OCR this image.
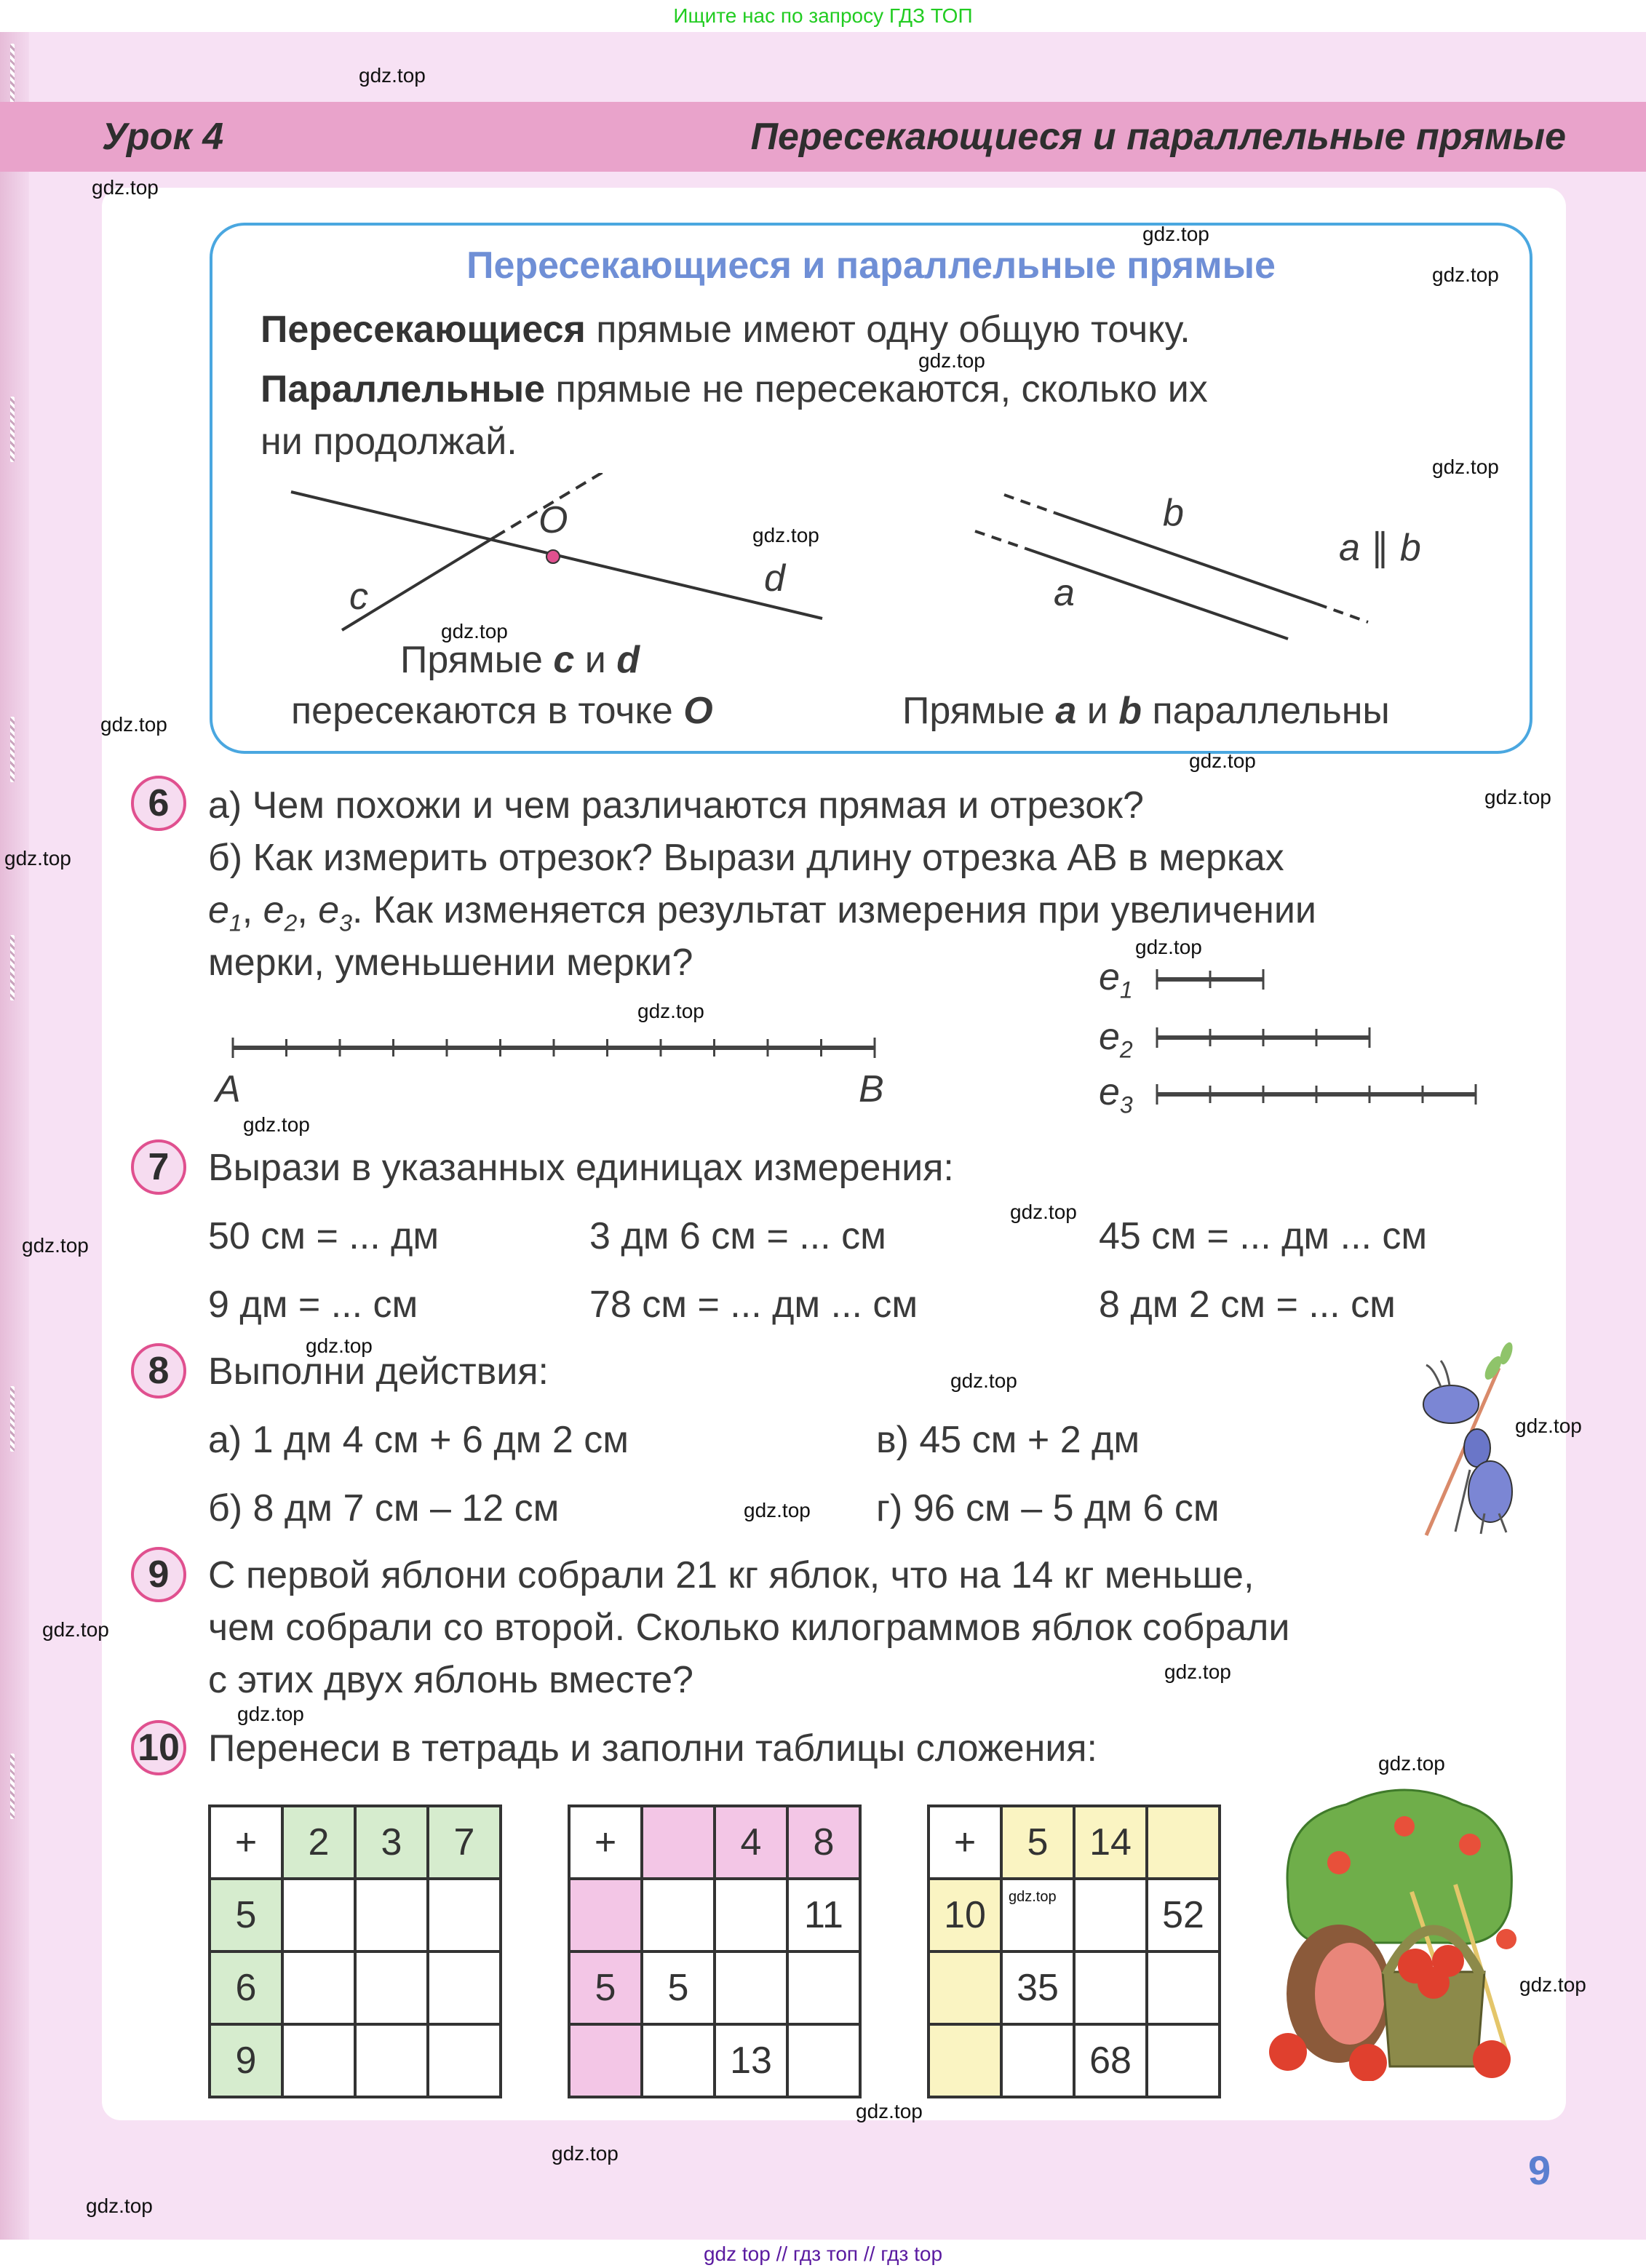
Ищите нас по запросу ГДЗ ТОП
Урок 4	Пересекающиеся и параллельные прямые
Пересекающиеся и параллельные прямые
Пересекающиеся прямые имеют одну общую точку.
Параллельные прямые не пересекаются, сколько их
ни продолжай.
O
c	d
b
a
a ∥ b
Прямые c и d
пересекаются в точке O	Прямые a и b параллельны
6	а) Чем похожи и чем различаются прямая и отрезок?
б) Как измерить отрезок? Вырази длину отрезка AB в мерках
$e_1$, $e_2$, $e_3$. Как изменяется результат измерения при увеличении
мерки, уменьшении мерки?
A	B
$e_1$
$e_2$
$e_3$
7	Вырази в указанных единицах измерения:
50 см = ... дм	3 дм 6 см = ... см	45 см = ... дм ... см
9 дм = ... см	78 см = ... дм ... см	8 дм 2 см = ... см
8	Выполни действия:
а) 1 дм 4 см + 6 дм 2 см	в) 45 см + 2 дм
б) 8 дм 7 см – 12 см	г) 96 см – 5 дм 6 см
9	С первой яблони собрали 21 кг яблок, что на 14 кг меньше,
чем собрали со второй. Сколько килограммов яблок собрали
с этих двух яблонь вместе?
10 Перенеси в тетрадь и заполни таблицы сложения:
+	2	3	7
5			
6			
9			
+		4	8
			11
5	5		
		13	
+	5	14	
10			52
	35		
		68	
9
gdz.top
gdz.top
gdz.top
gdz.top
gdz.top
gdz.top
gdz.top
gdz.top
gdz.top
gdz.top
gdz.top
gdz.top
gdz.top
gdz.top
gdz.top
gdz.top
gdz.top
gdz.top
gdz.top
gdz.top
gdz.top
gdz.top
gdz.top
gdz.top
gdz.top
gdz.top
gdz.top
gdz.top
gdz.top
gdz.top
gdz top // гдз топ // гдз top
